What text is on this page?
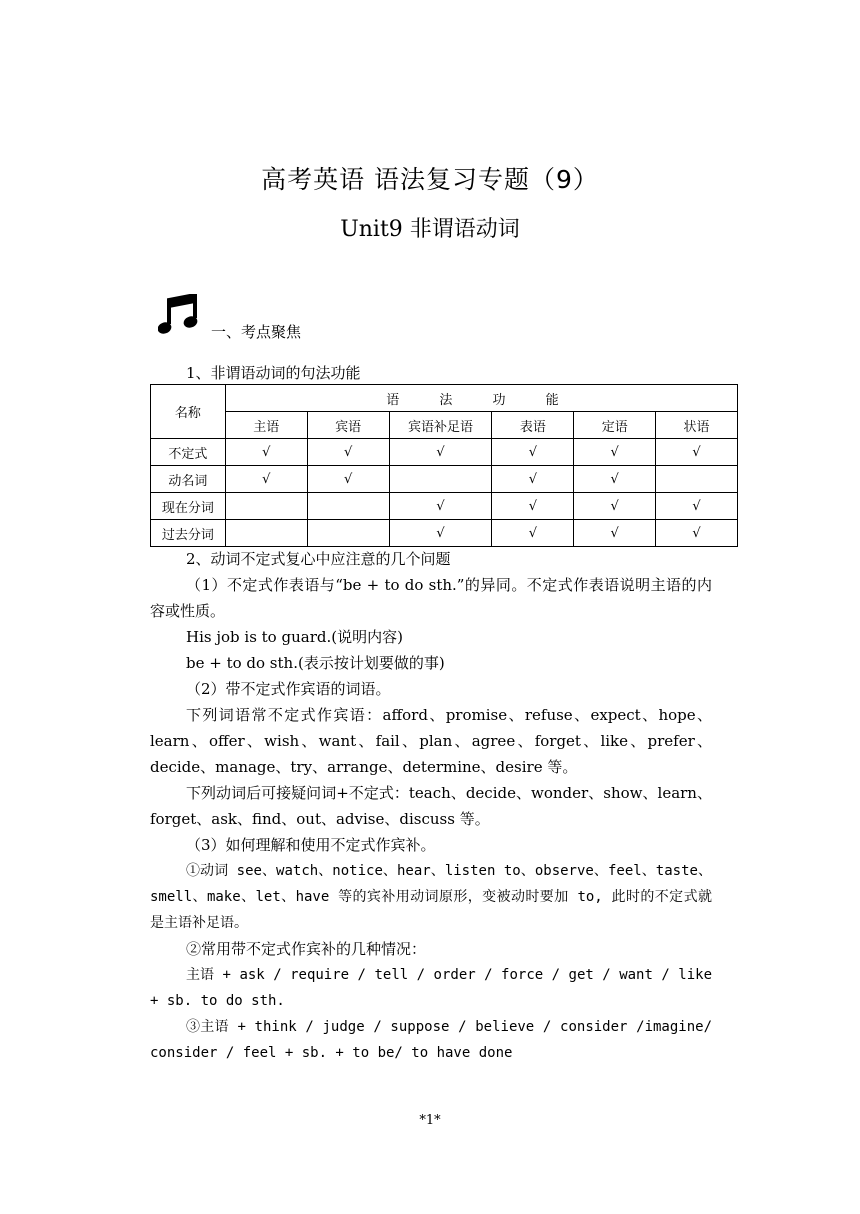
高考英语 语法复习专题（9）
Unit9 非谓语动词
一、考点聚焦
1、非谓语动词的句法功能
名称	语 法 功 能					
	主语	宾语	宾语补足语	表语	定语	状语
不定式	√	√	√	√	√	√
动名词	√	√		√	√	
现在分词			√	√	√	√
过去分词			√	√	√	√

2、动词不定式复心中应注意的几个问题

（1）不定式作表语与“be + to do sth.”的异同。不定式作表语说明主语的内容或性质。

His job is to guard.(说明内容)

be + to do sth.(表示按计划要做的事)

（2）带不定式作宾语的词语。

下列词语常不定式作宾语：afford、promise、refuse、expect、hope、learn、offer、wish、want、fail、plan、agree、forget、like、prefer、decide、manage、try、arrange、determine、desire 等。

下列动词后可接疑问词+不定式：teach、decide、wonder、show、learn、forget、ask、find、out、advise、discuss 等。

（3）如何理解和使用不定式作宾补。

①动词 see、watch、notice、hear、listen to、observe、feel、taste、smell、make、let、have 等的宾补用动词原形，变被动时要加 to, 此时的不定式就是主语补足语。

②常用带不定式作宾补的几种情况：

主语 + ask / require / tell / order / force / get / want / like + sb. to do sth.

③主语 + think / judge / suppose / believe / consider /imagine/ consider / feel + sb. + to be/ to have done

*1*
